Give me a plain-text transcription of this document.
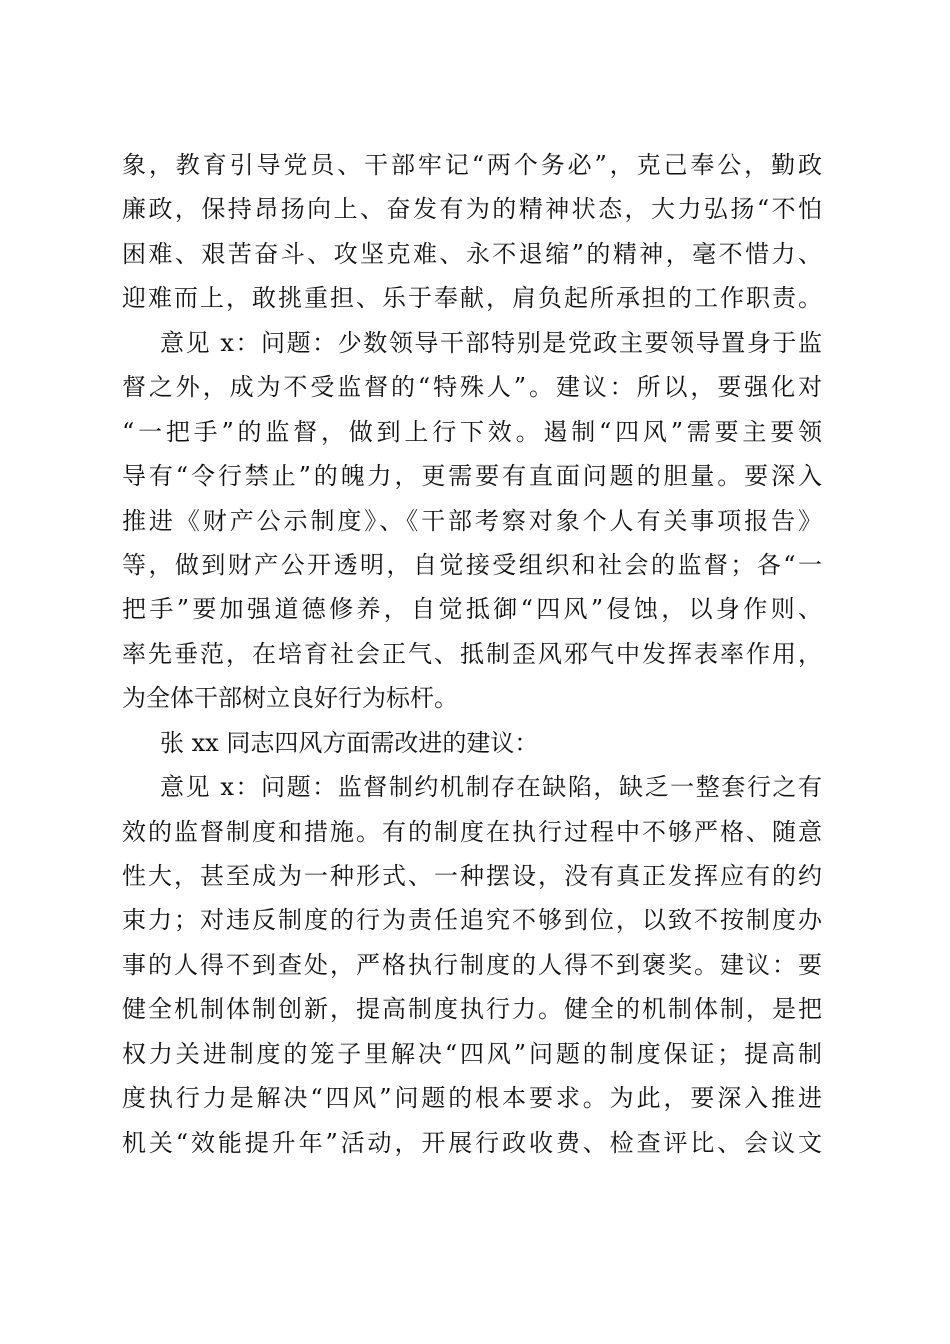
象，教育引导党员、干部牢记“两个务必”，克己奉公，勤政
廉政，保持昂扬向上、奋发有为的精神状态，大力弘扬“不怕
困难、艰苦奋斗、攻坚克难、永不退缩”的精神，毫不惜力、
迎难而上，敢挑重担、乐于奉献，肩负起所承担的工作职责。
意见 x：问题：少数领导干部特别是党政主要领导置身于监
督之外，成为不受监督的“特殊人”。建议：所以，要强化对
“一把手”的监督，做到上行下效。遏制“四风”需要主要领
导有“令行禁止”的魄力，更需要有直面问题的胆量。要深入
推进《财产公示制度》、《干部考察对象个人有关事项报告》
等，做到财产公开透明，自觉接受组织和社会的监督；各“一
把手”要加强道德修养，自觉抵御“四风”侵蚀，以身作则、
率先垂范，在培育社会正气、抵制歪风邪气中发挥表率作用，
为全体干部树立良好行为标杆。
张 xx 同志四风方面需改进的建议：
意见 x：问题：监督制约机制存在缺陷，缺乏一整套行之有
效的监督制度和措施。有的制度在执行过程中不够严格、随意
性大，甚至成为一种形式、一种摆设，没有真正发挥应有的约
束力；对违反制度的行为责任追究不够到位，以致不按制度办
事的人得不到查处，严格执行制度的人得不到褒奖。建议：要
健全机制体制创新，提高制度执行力。健全的机制体制，是把
权力关进制度的笼子里解决“四风”问题的制度保证；提高制
度执行力是解决“四风”问题的根本要求。为此，要深入推进
机关“效能提升年”活动，开展行政收费、检查评比、会议文
